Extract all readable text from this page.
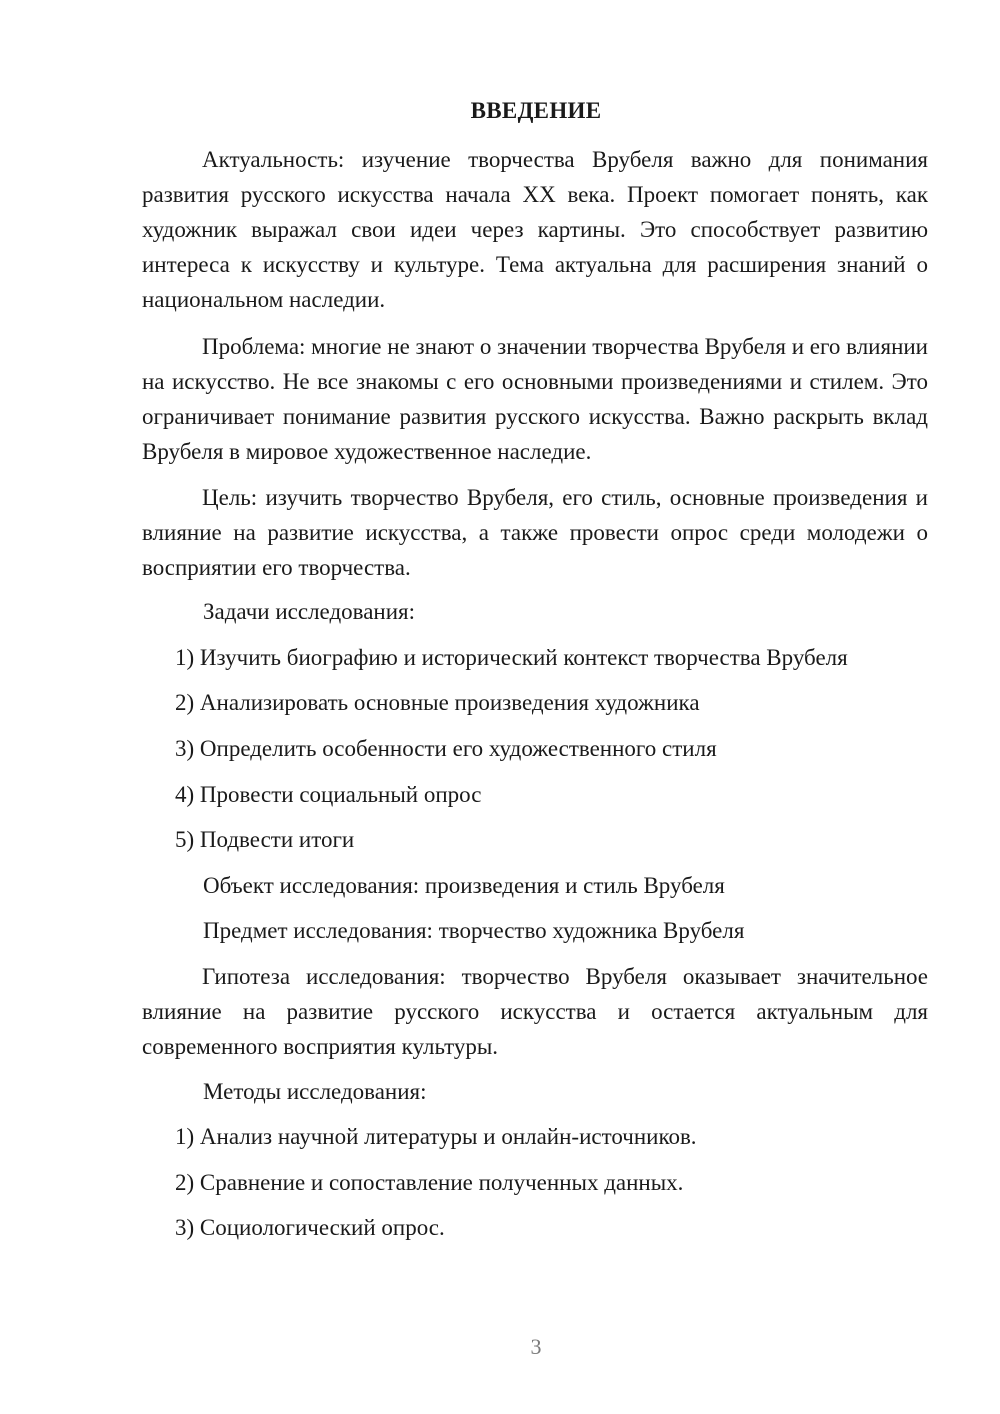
ВВЕДЕНИЕ

Актуальность: изучение творчества Врубеля важно для понимания развития русского искусства начала XX века. Проект помогает понять, как художник выражал свои идеи через картины. Это способствует развитию интереса к искусству и культуре. Тема актуальна для расширения знаний о национальном наследии.

Проблема: многие не знают о значении творчества Врубеля и его влиянии на искусство. Не все знакомы с его основными произведениями и стилем. Это ограничивает понимание развития русского искусства. Важно раскрыть вклад Врубеля в мировое художественное наследие.

Цель: изучить творчество Врубеля, его стиль, основные произведения и влияние на развитие искусства, а также провести опрос среди молодежи о восприятии его творчества.

Задачи исследования:
1) Изучить биографию и исторический контекст творчества Врубеля
2) Анализировать основные произведения художника
3) Определить особенности его художественного стиля
4) Провести социальный опрос
5) Подвести итоги
Объект исследования: произведения и стиль Врубеля
Предмет исследования: творчество художника Врубеля

Гипотеза исследования: творчество Врубеля оказывает значительное влияние на развитие русского искусства и остается актуальным для современного восприятия культуры.

Методы исследования:
1) Анализ научной литературы и онлайн-источников.
2) Сравнение и сопоставление полученных данных.
3) Социологический опрос.
3
